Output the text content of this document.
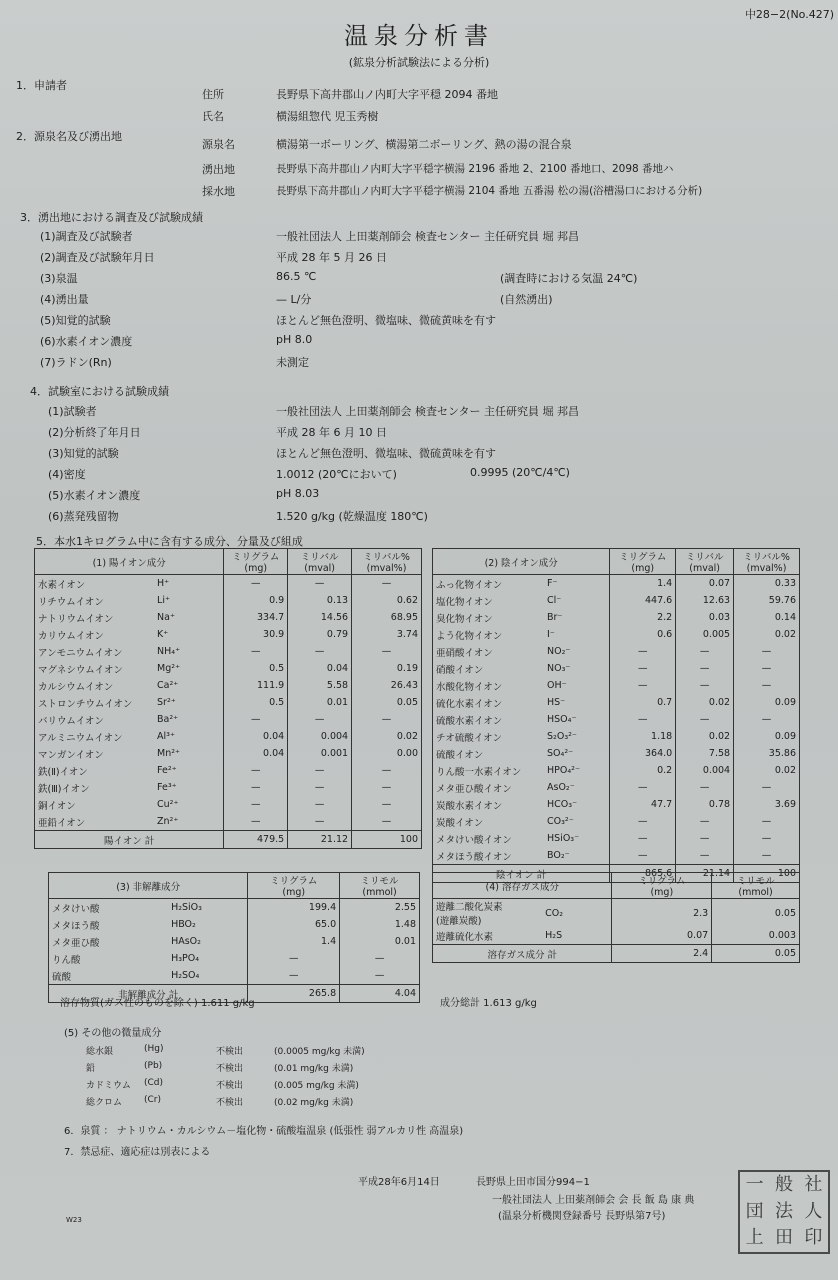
中28−2(No.427)
温泉分析書
(鉱泉分析試験法による分析)
1．申請者
住所	長野県下高井郡山ノ内町大字平穏 2094 番地
氏名	横湯組惣代 児玉秀樹
2．源泉名及び湧出地
源泉名	横湯第一ボーリング、横湯第二ボーリング、熱の湯の混合泉
湧出地	長野県下高井郡山ノ内町大字平穏字横湯 2196 番地 2、2100 番地口、2098 番地ハ
採水地	長野県下高井郡山ノ内町大字平穏字横湯 2104 番地 五番湯 松の湯(浴槽湯口における分析)
3．湧出地における調査及び試験成績
(1)調査及び試験者	一般社団法人 上田薬剤師会 検査センター 主任研究員 堀 邦昌
(2)調査及び試験年月日	平成 28 年 5 月 26 日
(3)泉温	86.5 ℃	(調査時における気温 24℃)
(4)湧出量	— L/分	(自然湧出)
(5)知覚的試験	ほとんど無色澄明、微塩味、微硫黄味を有す
(6)水素イオン濃度	pH 8.0
(7)ラドン(Rn)	未測定
4．試験室における試験成績
(1)試験者	一般社団法人 上田薬剤師会 検査センター 主任研究員 堀 邦昌
(2)分析終了年月日	平成 28 年 6 月 10 日
(3)知覚的試験	ほとんど無色澄明、微塩味、微硫黄味を有す
(4)密度	1.0012 (20℃において)	0.9995 (20℃/4℃)
(5)水素イオン濃度	pH 8.03
(6)蒸発残留物	1.520 g/kg (乾燥温度 180℃)
5．本水1キログラム中に含有する成分、分量及び組成
(1) 陽イオン成分		ミリグラム
(mg)	ミリバル
(mval)	ミリバル%
(mval%)
水素イオン	H⁺	—	—	—
リチウムイオン	Li⁺	0.9	0.13	0.62
ナトリウムイオン	Na⁺	334.7	14.56	68.95
カリウムイオン	K⁺	30.9	0.79	3.74
アンモニウムイオン	NH₄⁺	—	—	—
マグネシウムイオン	Mg²⁺	0.5	0.04	0.19
カルシウムイオン	Ca²⁺	111.9	5.58	26.43
ストロンチウムイオン	Sr²⁺	0.5	0.01	0.05
バリウムイオン	Ba²⁺	—	—	—
アルミニウムイオン	Al³⁺	0.04	0.004	0.02
マンガンイオン	Mn²⁺	0.04	0.001	0.00
鉄(Ⅱ)イオン	Fe²⁺	—	—	—
鉄(Ⅲ)イオン	Fe³⁺	—	—	—
銅イオン	Cu²⁺	—	—	—
亜鉛イオン	Zn²⁺	—	—	—
陽イオン 計		479.5	21.12	100
(2) 陰イオン成分		ミリグラム
(mg)	ミリバル
(mval)	ミリバル%
(mval%)
ふっ化物イオン	F⁻	1.4	0.07	0.33
塩化物イオン	Cl⁻	447.6	12.63	59.76
臭化物イオン	Br⁻	2.2	0.03	0.14
よう化物イオン	I⁻	0.6	0.005	0.02
亜硝酸イオン	NO₂⁻	—	—	—
硝酸イオン	NO₃⁻	—	—	—
水酸化物イオン	OH⁻	—	—	—
硫化水素イオン	HS⁻	0.7	0.02	0.09
硫酸水素イオン	HSO₄⁻	—	—	—
チオ硫酸イオン	S₂O₃²⁻	1.18	0.02	0.09
硫酸イオン	SO₄²⁻	364.0	7.58	35.86
りん酸一水素イオン	HPO₄²⁻	0.2	0.004	0.02
メタ亜ひ酸イオン	AsO₂⁻	—	—	—
炭酸水素イオン	HCO₃⁻	47.7	0.78	3.69
炭酸イオン	CO₃²⁻	—	—	—
メタけい酸イオン	HSiO₃⁻	—	—	—
メタほう酸イオン	BO₂⁻	—	—	—
陰イオン 計		865.6	21.14	100
(3) 非解離成分		ミリグラム
(mg)	ミリモル
(mmol)
メタけい酸	H₂SiO₃	199.4	2.55
メタほう酸	HBO₂	65.0	1.48
メタ亜ひ酸	HAsO₂	1.4	0.01
りん酸	H₃PO₄	—	—
硫酸	H₂SO₄	—	—
非解離成分 計		265.8	4.04
(4) 溶存ガス成分		ミリグラム
(mg)	ミリモル
(mmol)
遊離二酸化炭素
(遊離炭酸)	CO₂	2.3	0.05
遊離硫化水素	H₂S	0.07	0.003
溶存ガス成分 計		2.4	0.05
溶存物質(ガス性のものを除く) 1.611 g/kg	成分総計 1.613 g/kg
(5) その他の微量成分
総水銀	(Hg)	不検出	(0.0005 mg/kg 未満)
鉛	(Pb)	不検出	(0.01 mg/kg 未満)
カドミウム (Cd)	不検出	(0.005 mg/kg 未満)
総クロム (Cr)	不検出	(0.02 mg/kg 未満)
6．泉質 ： ナトリウム・カルシウム－塩化物・硫酸塩温泉 (低張性 弱アルカリ性 高温泉)
7．禁忌症、適応症は別表による
平成28年6月14日	長野県上田市国分994−1
一般社団法人 上田薬剤師会 会 長 飯 島 康 典
(温泉分析機関登録番号 長野県第7号)
W23
一 般 社
団 法 人
上 田 印
